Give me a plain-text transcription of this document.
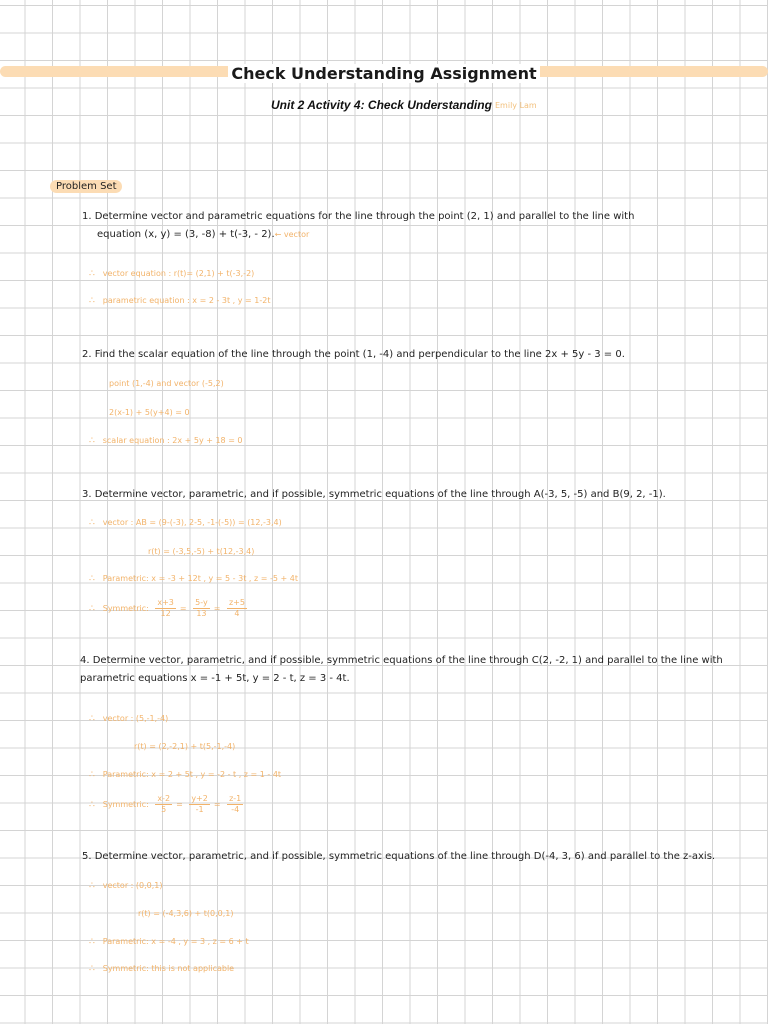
Check Understanding Assignment
Unit 2 Activity 4: Check Understanding Emily Lam
Problem Set
1. Determine vector and parametric equations for the line through the point (2, 1) and parallel to the line with
equation (x, y) = (3, -8) + t(-3, - 2).← vector
∴ vector equation : r(t)= (2,1) + t(-3,-2)
∴ parametric equation : x = 2 - 3t , y = 1-2t
2. Find the scalar equation of the line through the point (1, -4) and perpendicular to the line 2x + 5y - 3 = 0.
point (1,-4) and vector (-5,2)
2(x-1) + 5(y+4) = 0
∴ scalar equation : 2x + 5y + 18 = 0
3. Determine vector, parametric, and if possible, symmetric equations of the line through A(-3, 5, -5) and B(9, 2, -1).
∴ vector : AB = (9-(-3), 2-5, -1-(-5)) = (12,-3,4)
r(t) = (-3,5,-5) + t(12,-3,4)
∴ Parametric: x = -3 + 12t , y = 5 - 3t , z = -5 + 4t
∴ Symmetric: $\frac{x+3}{12} = \frac{5-y}{13} = \frac{z+5}{4}$
4. Determine vector, parametric, and if possible, symmetric equations of the line through C(2, -2, 1) and parallel to the line with
parametric equations x = -1 + 5t, y = 2 - t, z = 3 - 4t.
∴ vector : (5,-1,-4)
r(t) = (2,-2,1) + t(5,-1,-4)
∴ Parametric: x = 2 + 5t , y = -2 - t , z = 1 - 4t
∴ Symmetric: $\frac{x-2}{5} = \frac{y+2}{-1} = \frac{z-1}{-4}$
5. Determine vector, parametric, and if possible, symmetric equations of the line through D(-4, 3, 6) and parallel to the z-axis.
∴ vector : (0,0,1)
r(t) = (-4,3,6) + t(0,0,1)
∴ Parametric: x = -4 , y = 3 , z = 6 + t
∴ Symmetric: this is not applicable
